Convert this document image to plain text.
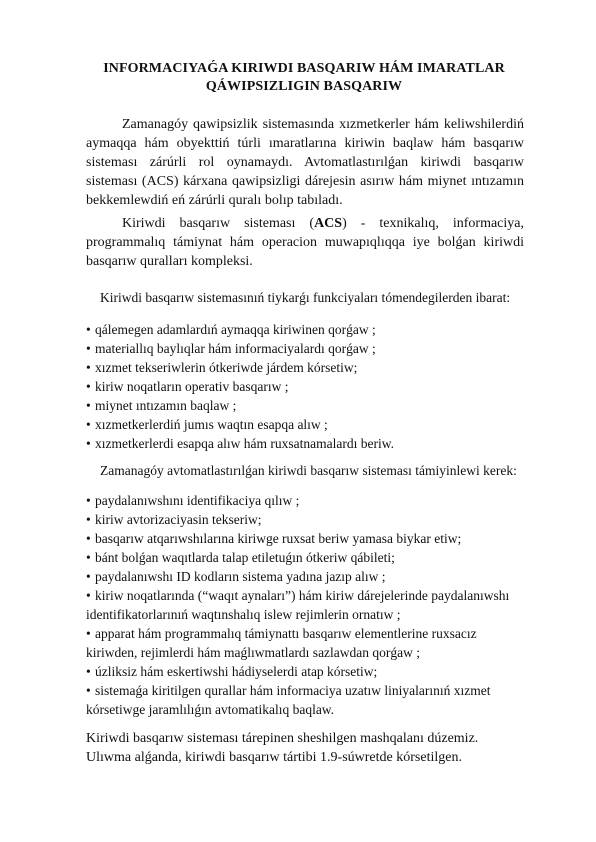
INFORMACIYAǴA KIRIWDI BASQARIW HÁM IMARATLAR
QÁWIPSIZLIGIN BASQARIW

Zamanagóy qawipsizlik sistemasında xızmetkerler hám keliwshilerdiń aymaqqa hám obyekttiń túrli ımaratlarına kiriwin baqlaw hám basqarıw sisteması zárúrli rol oynamaydı. Avtomatlastırılǵan kiriwdi basqarıw sisteması (ACS) kárxana qawipsizligi dárejesin asırıw hám miynet ıntızamın bekkemlewdiń eń zárúrli quralı bolıp tabıladı.

Kiriwdi basqarıw sisteması (ACS) - texnikalıq, informaciya, programmalıq támiynat hám operacion muwapıqlıqqa iye bolǵan kiriwdi basqarıw quralları kompleksi.

Kiriwdi basqarıw sistemasınıń tiykarǵı funkciyaları tómendegilerden ibarat:

• qálemegen adamlardıń aymaqqa kiriwinen qorǵaw ;
• materiallıq baylıqlar hám informaciyalardı qorǵaw ;
• xızmet tekseriwlerin ótkeriwde járdem kórsetiw;
• kiriw noqatların operativ basqarıw ;
• miynet ıntızamın baqlaw ;
• xızmetkerlerdiń jumıs waqtın esapqa alıw ;
• xızmetkerlerdi esapqa alıw hám ruxsatnamalardı beriw.

Zamanagóy avtomatlastırılǵan kiriwdi basqarıw sisteması támiyinlewi kerek:

• paydalanıwshını identifikaciya qılıw ;
• kiriw avtorizaciyasin tekseriw;
• basqarıw atqarıwshılarına kiriwge ruxsat beriw yamasa biykar etiw;
• bánt bolǵan waqıtlarda talap etiletuǵın ótkeriw qábileti;
• paydalanıwshı ID kodların sistema yadına jazıp alıw ;
• kiriw noqatlarında (“waqıt aynaları”) hám kiriw dárejelerinde paydalanıwshı identifikatorlarınıń waqtınshalıq islew rejimlerin ornatıw ;
• apparat hám programmalıq támiynattı basqarıw elementlerine ruxsacız kiriwden, rejimlerdi hám maǵlıwmatlardı sazlawdan qorǵaw ;
• úzliksiz hám eskertiwshi hádiyselerdi atap kórsetiw;
• sistemaǵa kiritilgen qurallar hám informaciya uzatıw liniyalarınıń xızmet kórsetiwge jaramlılıǵın avtomatikalıq baqlaw.

Kiriwdi basqarıw sisteması tárepinen sheshilgen mashqalanı dúzemiz. Ulıwma alǵanda, kiriwdi basqarıw tártibi 1.9-súwretde kórsetilgen.
